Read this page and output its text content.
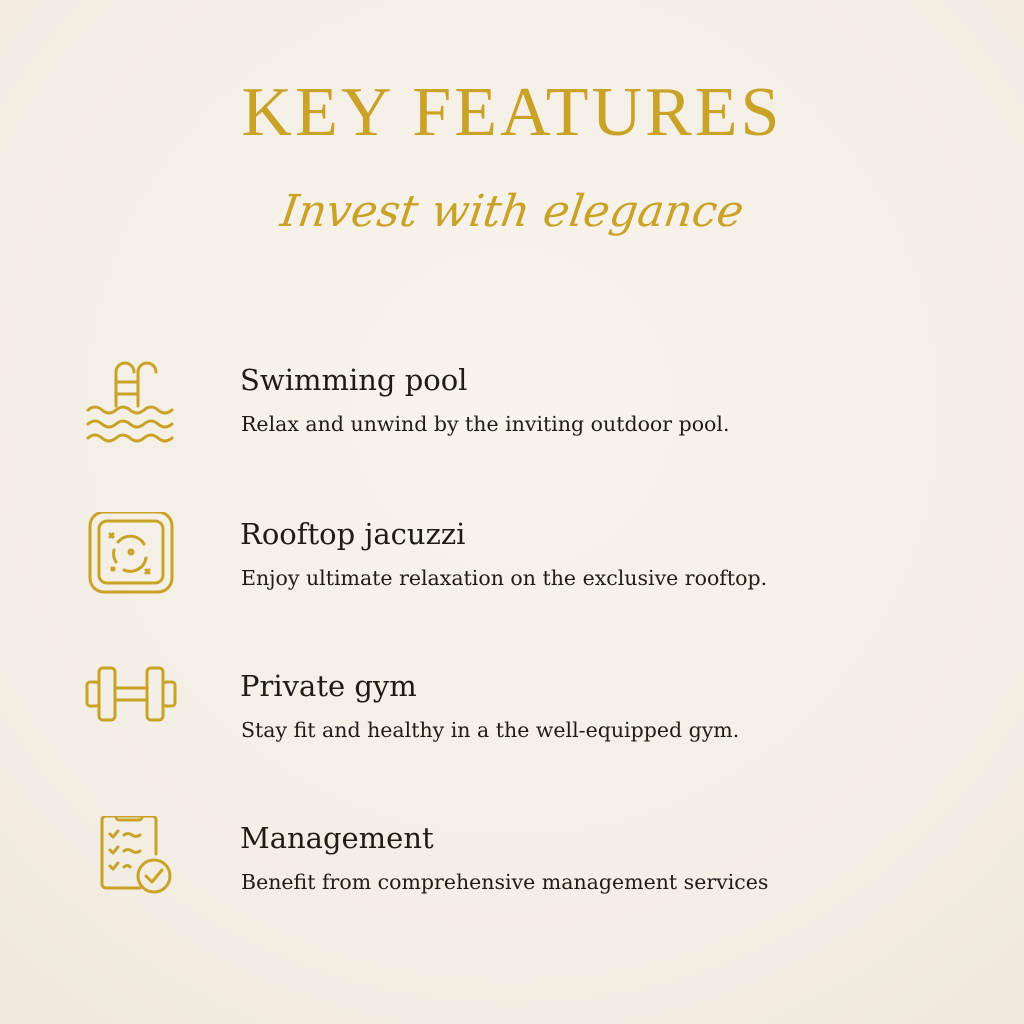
KEY FEATURES
Invest with elegance
Swimming pool
Relax and unwind by the inviting outdoor pool.
Rooftop jacuzzi
Enjoy ultimate relaxation on the exclusive rooftop.
Private gym
Stay fit and healthy in a the well-equipped gym.
Management
Benefit from comprehensive management services
